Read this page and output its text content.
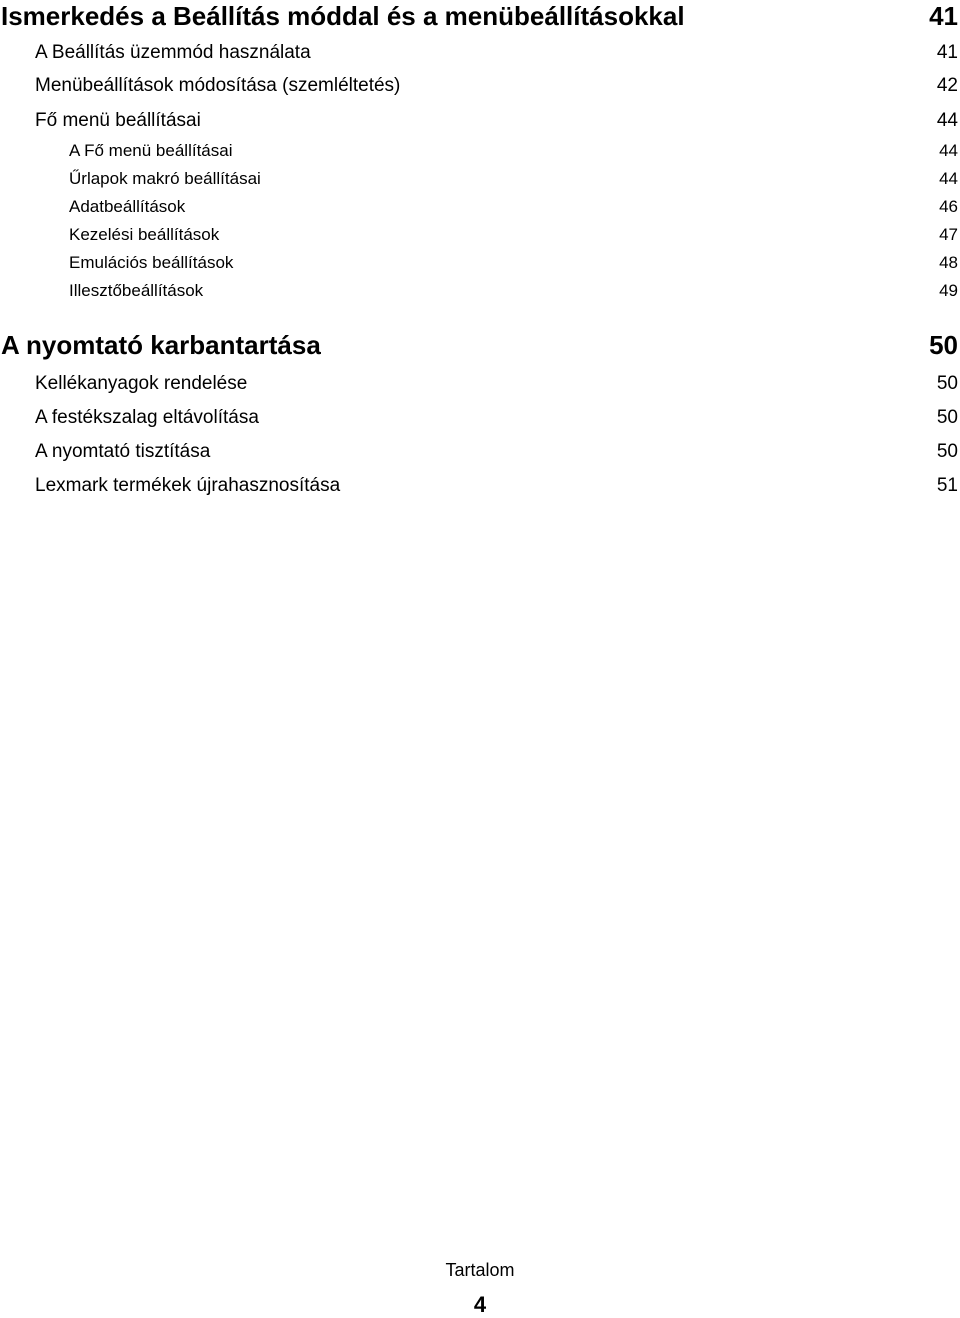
Ismerkedés a Beállítás móddal és a menübeállításokkal	41
A Beállítás üzemmód használata	41
Menübeállítások módosítása (szemléltetés)	42
Fő menü beállításai	44
A Fő menü beállításai	44
Űrlapok makró beállításai	44
Adatbeállítások	46
Kezelési beállítások	47
Emulációs beállítások	48
Illesztőbeállítások	49
A nyomtató karbantartása	50
Kellékanyagok rendelése	50
A festékszalag eltávolítása	50
A nyomtató tisztítása	50
Lexmark termékek újrahasznosítása	51
Tartalom
4
